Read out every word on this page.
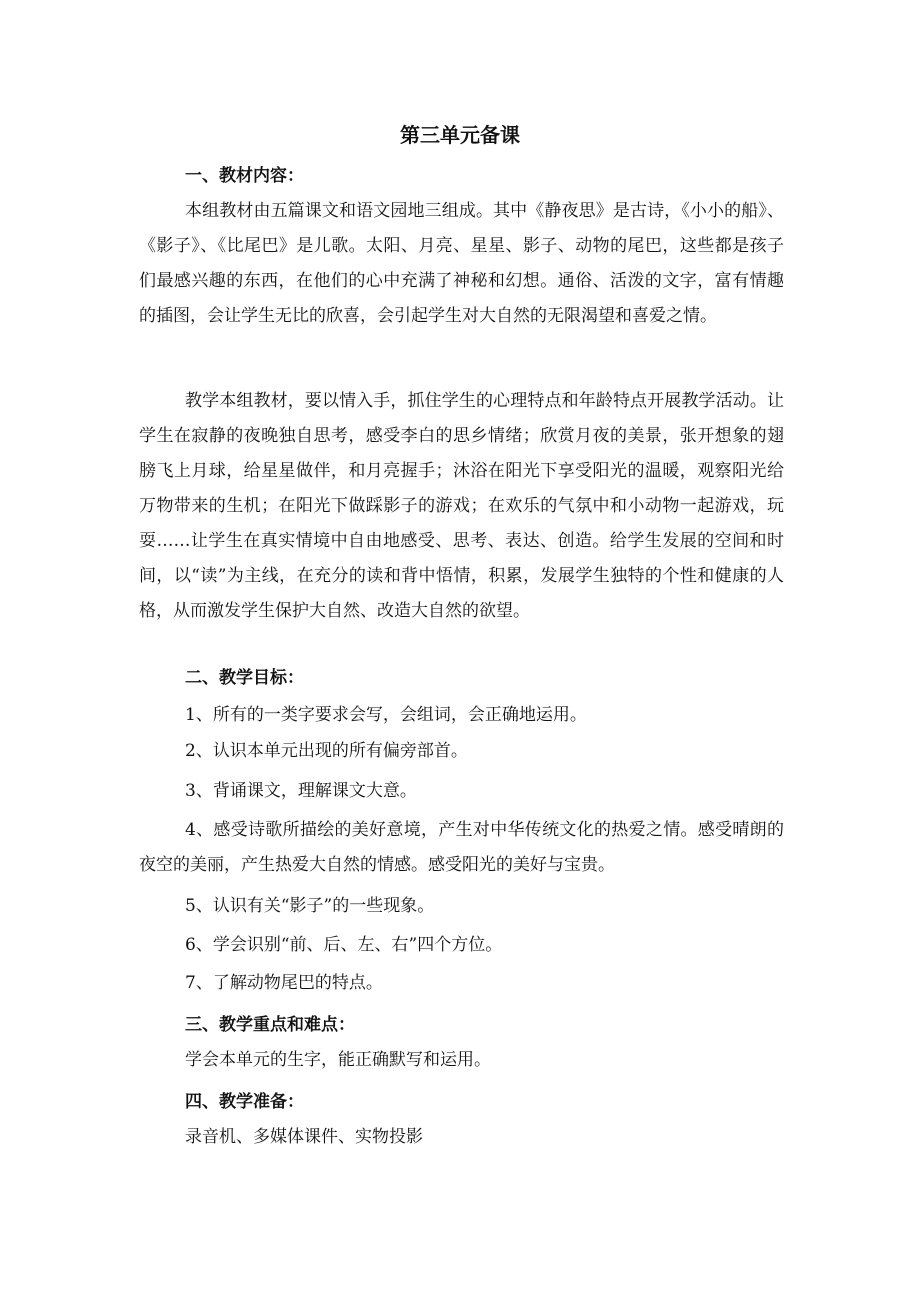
第三单元备课
一、教材内容：
本组教材由五篇课文和语文园地三组成。其中《静夜思》是古诗，《小小的船》、《影子》、《比尾巴》是儿歌。太阳、月亮、星星、影子、动物的尾巴，这些都是孩子们最感兴趣的东西，在他们的心中充满了神秘和幻想。通俗、活泼的文字，富有情趣的插图，会让学生无比的欣喜，会引起学生对大自然的无限渴望和喜爱之情。
教学本组教材，要以情入手，抓住学生的心理特点和年龄特点开展教学活动。让学生在寂静的夜晚独自思考，感受李白的思乡情绪；欣赏月夜的美景，张开想象的翅膀飞上月球，给星星做伴，和月亮握手；沐浴在阳光下享受阳光的温暖，观察阳光给万物带来的生机；在阳光下做踩影子的游戏；在欢乐的气氛中和小动物一起游戏，玩耍……让学生在真实情境中自由地感受、思考、表达、创造。给学生发展的空间和时间，以“读”为主线，在充分的读和背中悟情，积累，发展学生独特的个性和健康的人格，从而激发学生保护大自然、改造大自然的欲望。
二、教学目标：
1、所有的一类字要求会写，会组词，会正确地运用。
2、认识本单元出现的所有偏旁部首。
3、背诵课文，理解课文大意。
4、感受诗歌所描绘的美好意境，产生对中华传统文化的热爱之情。感受晴朗的夜空的美丽，产生热爱大自然的情感。感受阳光的美好与宝贵。
5、认识有关“影子”的一些现象。
6、学会识别“前、后、左、右”四个方位。
7、了解动物尾巴的特点。
三、教学重点和难点：
学会本单元的生字，能正确默写和运用。
四、教学准备：
录音机、多媒体课件、实物投影
